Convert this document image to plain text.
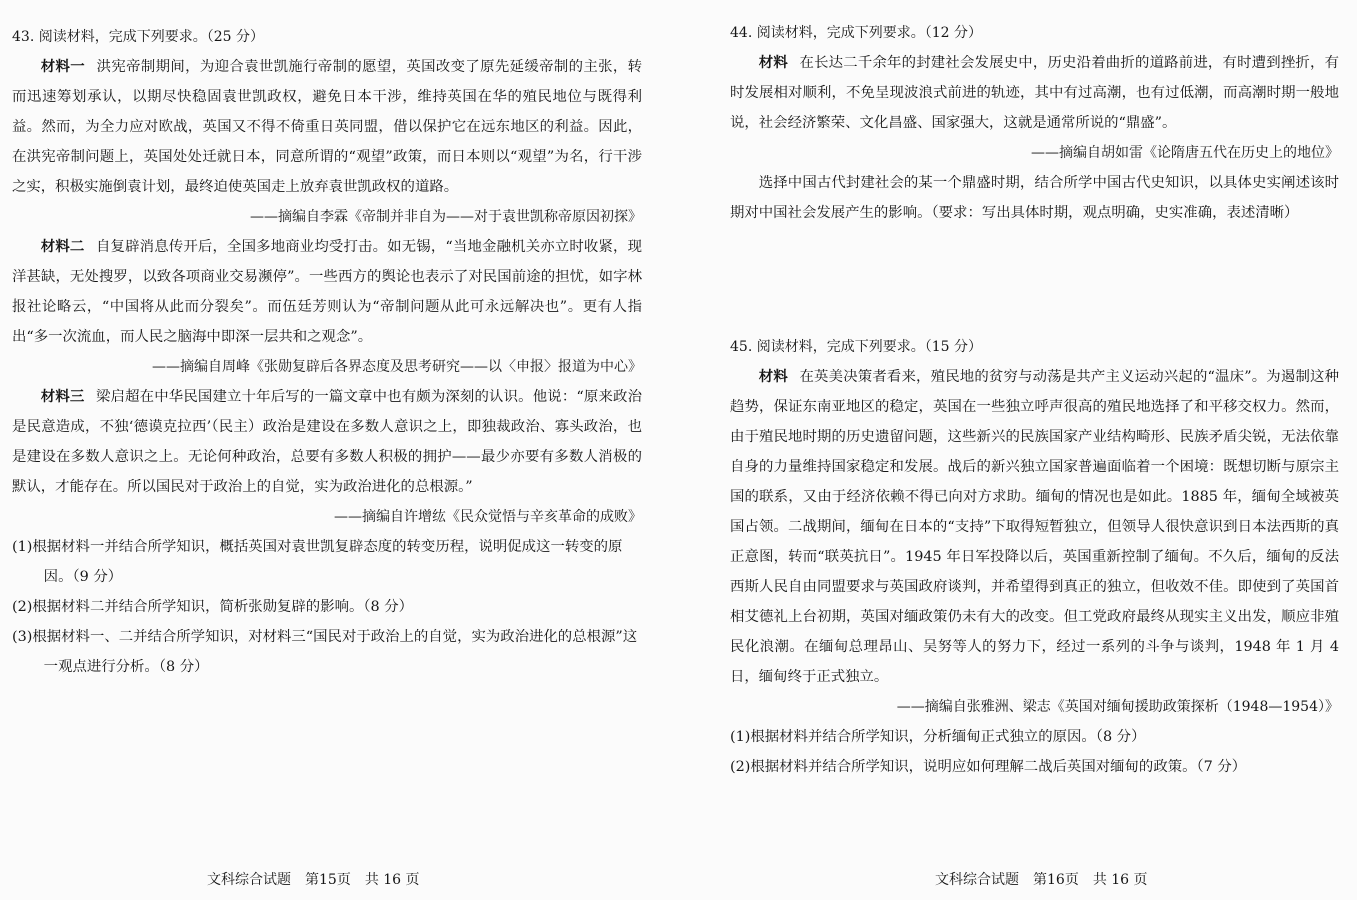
43. 阅读材料，完成下列要求。（25 分）

材料一 洪宪帝制期间，为迎合袁世凯施行帝制的愿望，英国改变了原先延缓帝制的主张，转而迅速筹划承认，以期尽快稳固袁世凯政权，避免日本干涉，维持英国在华的殖民地位与既得利益。然而，为全力应对欧战，英国又不得不倚重日英同盟，借以保护它在远东地区的利益。因此，在洪宪帝制问题上，英国处处迁就日本，同意所谓的“观望”政策，而日本则以“观望”为名，行干涉之实，积极实施倒袁计划，最终迫使英国走上放弃袁世凯政权的道路。

——摘编自李霖《帝制并非自为——对于袁世凯称帝原因初探》

材料二 自复辟消息传开后，全国多地商业均受打击。如无锡，“当地金融机关亦立时收紧，现洋甚缺，无处搜罗，以致各项商业交易濒停”。一些西方的舆论也表示了对民国前途的担忧，如字林报社论略云，“中国将从此而分裂矣”。而伍廷芳则认为“帝制问题从此可永远解决也”。更有人指出“多一次流血，而人民之脑海中即深一层共和之观念”。

——摘编自周峰《张勋复辟后各界态度及思考研究——以〈申报〉报道为中心》

材料三 梁启超在中华民国建立十年后写的一篇文章中也有颇为深刻的认识。他说：“原来政治是民意造成，不独‘德谟克拉西’（民主）政治是建设在多数人意识之上，即独裁政治、寡头政治，也是建设在多数人意识之上。无论何种政治，总要有多数人积极的拥护——最少亦要有多数人消极的默认，才能存在。所以国民对于政治上的自觉，实为政治进化的总根源。”

——摘编自许增纮《民众觉悟与辛亥革命的成败》

(1)根据材料一并结合所学知识，概括英国对袁世凯复辟态度的转变历程，说明促成这一转变的原因。（9 分）

(2)根据材料二并结合所学知识，简析张勋复辟的影响。（8 分）

(3)根据材料一、二并结合所学知识，对材料三“国民对于政治上的自觉，实为政治进化的总根源”这一观点进行分析。（8 分）

文科综合试题　第15页　共 16 页

44. 阅读材料，完成下列要求。（12 分）

材料 在长达二千余年的封建社会发展史中，历史沿着曲折的道路前进，有时遭到挫折，有时发展相对顺利，不免呈现波浪式前进的轨迹，其中有过高潮，也有过低潮，而高潮时期一般地说，社会经济繁荣、文化昌盛、国家强大，这就是通常所说的“鼎盛”。

——摘编自胡如雷《论隋唐五代在历史上的地位》

选择中国古代封建社会的某一个鼎盛时期，结合所学中国古代史知识，以具体史实阐述该时期对中国社会发展产生的影响。（要求：写出具体时期，观点明确，史实准确，表述清晰）

45. 阅读材料，完成下列要求。（15 分）

材料 在英美决策者看来，殖民地的贫穷与动荡是共产主义运动兴起的“温床”。为遏制这种趋势，保证东南亚地区的稳定，英国在一些独立呼声很高的殖民地选择了和平移交权力。然而，由于殖民地时期的历史遗留问题，这些新兴的民族国家产业结构畸形、民族矛盾尖锐，无法依靠自身的力量维持国家稳定和发展。战后的新兴独立国家普遍面临着一个困境：既想切断与原宗主国的联系，又由于经济依赖不得已向对方求助。缅甸的情况也是如此。1885 年，缅甸全域被英国占领。二战期间，缅甸在日本的“支持”下取得短暂独立，但领导人很快意识到日本法西斯的真正意图，转而“联英抗日”。1945 年日军投降以后，英国重新控制了缅甸。不久后，缅甸的反法西斯人民自由同盟要求与英国政府谈判，并希望得到真正的独立，但收效不佳。即使到了英国首相艾德礼上台初期，英国对缅政策仍未有大的改变。但工党政府最终从现实主义出发，顺应非殖民化浪潮。在缅甸总理昂山、吴努等人的努力下，经过一系列的斗争与谈判，1948 年 1 月 4 日，缅甸终于正式独立。

——摘编自张雅洲、梁志《英国对缅甸援助政策探析（1948—1954）》

(1)根据材料并结合所学知识，分析缅甸正式独立的原因。（8 分）

(2)根据材料并结合所学知识，说明应如何理解二战后英国对缅甸的政策。（7 分）

文科综合试题　第16页　共 16 页
